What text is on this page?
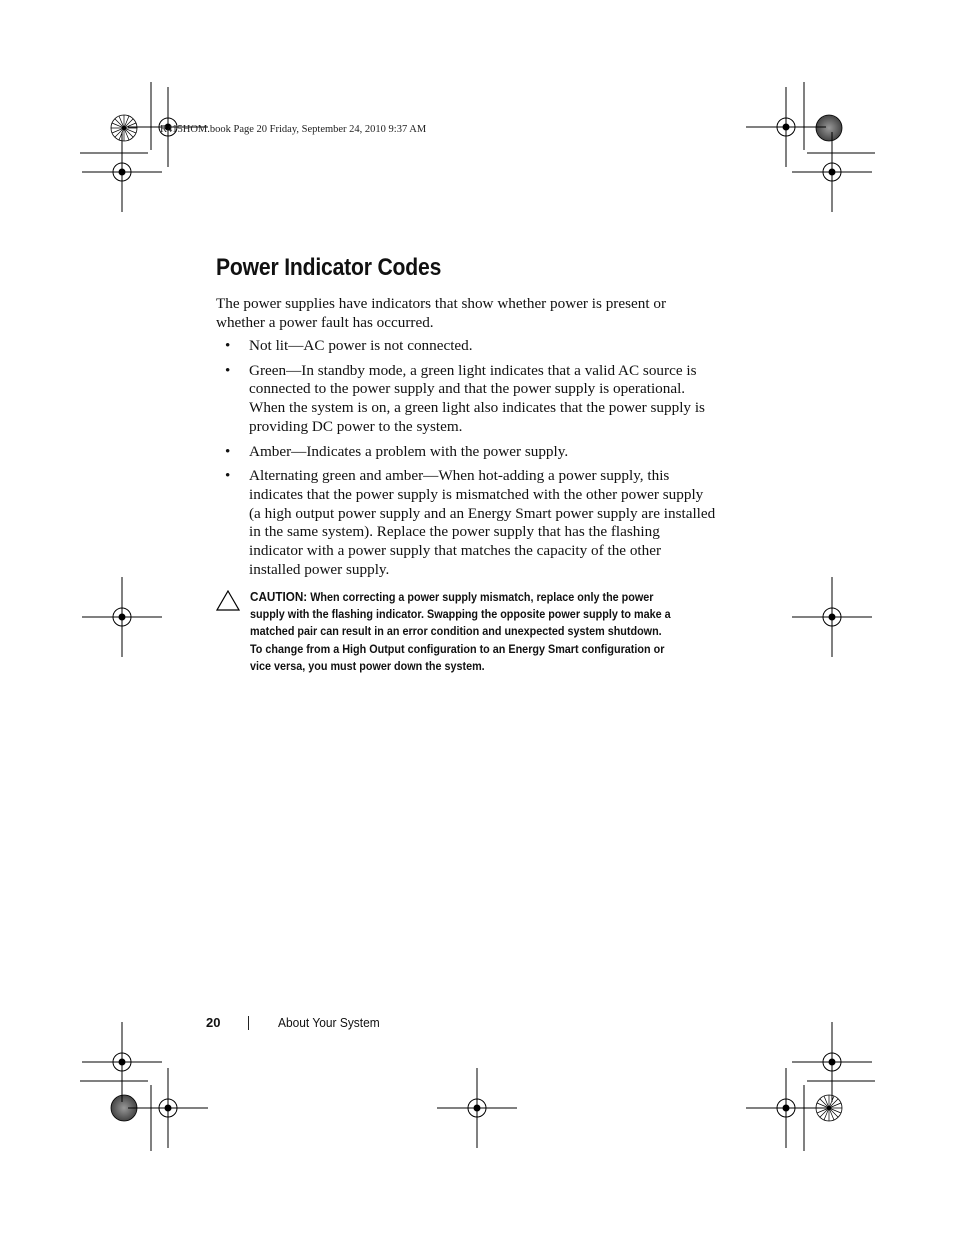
R415HOM.book Page 20 Friday, September 24, 2010 9:37 AM
Power Indicator Codes

The power supplies have indicators that show whether power is present or whether a power fault has occurred.

• Not lit—AC power is not connected.
• Green—In standby mode, a green light indicates that a valid AC source is connected to the power supply and that the power supply is operational. When the system is on, a green light also indicates that the power supply is providing DC power to the system.
• Amber—Indicates a problem with the power supply.
• Alternating green and amber—When hot-adding a power supply, this indicates that the power supply is mismatched with the other power supply (a high output power supply and an Energy Smart power supply are installed in the same system). Replace the power supply that has the flashing indicator with a power supply that matches the capacity of the other installed power supply.
CAUTION: When correcting a power supply mismatch, replace only the power
supply with the flashing indicator. Swapping the opposite power supply to make a
matched pair can result in an error condition and unexpected system shutdown.
To change from a High Output configuration to an Energy Smart configuration or
vice versa, you must power down the system.
20	About Your System
